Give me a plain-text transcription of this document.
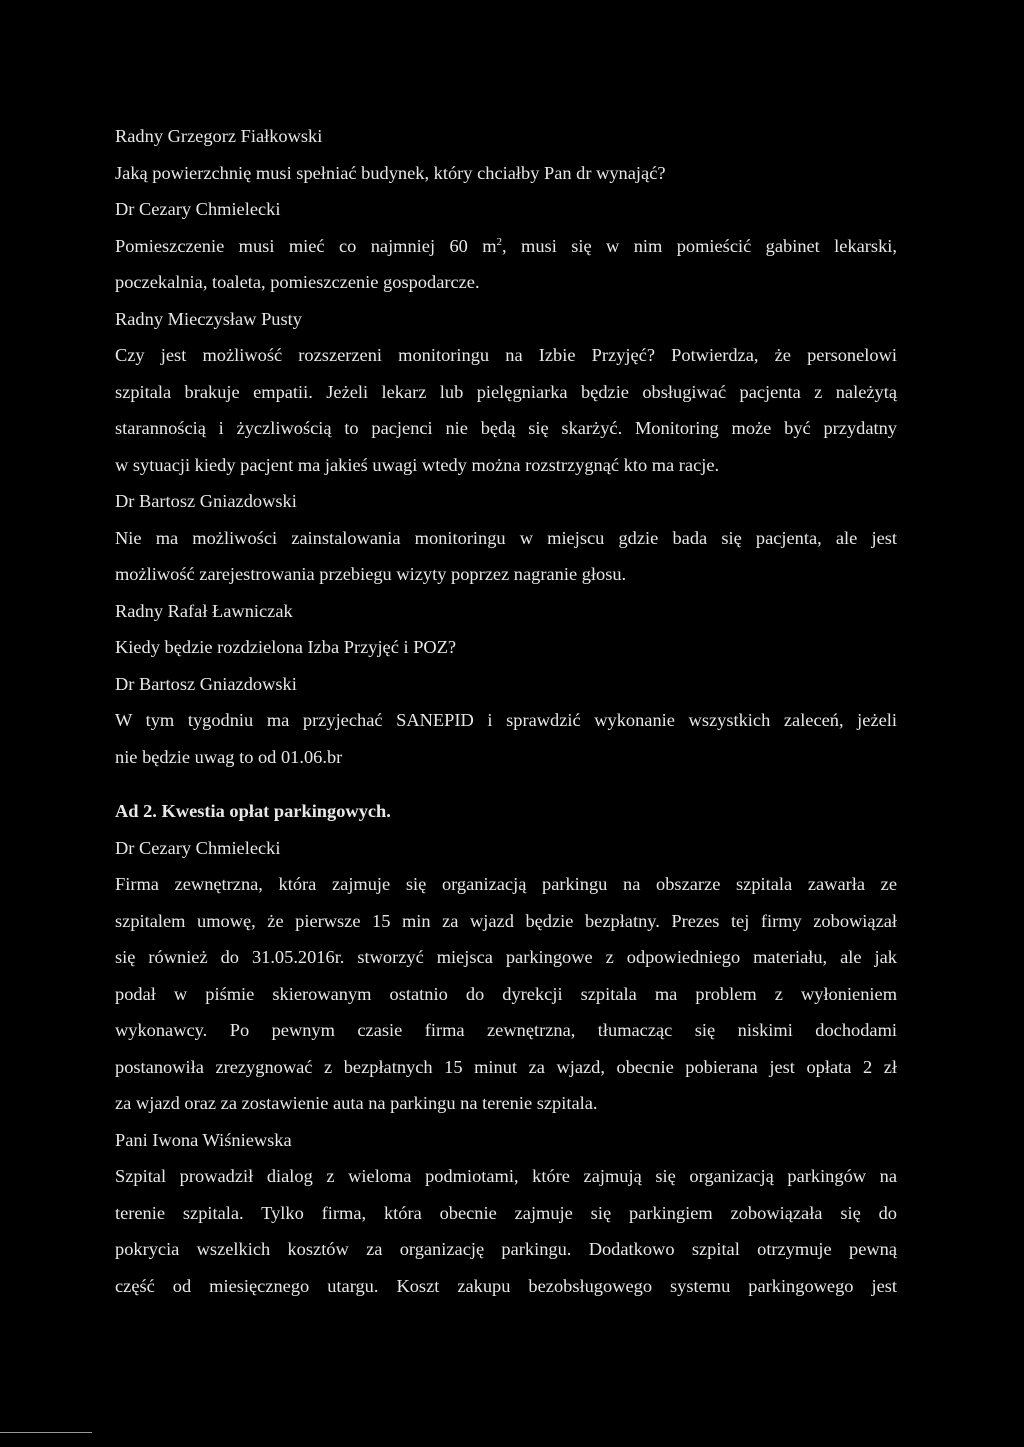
Radny Grzegorz Fiałkowski
Jaką powierzchnię musi spełniać budynek, który chciałby Pan dr wynająć?
Dr Cezary Chmielecki
Pomieszczenie musi mieć co najmniej 60 $m^2$, musi się w nim pomieścić gabinet lekarski,
poczekalnia, toaleta, pomieszczenie gospodarcze.
Radny Mieczysław Pusty
Czy jest możliwość rozszerzeni monitoringu na Izbie Przyjęć? Potwierdza, że personelowi
szpitala brakuje empatii. Jeżeli lekarz lub pielęgniarka będzie obsługiwać pacjenta z należytą
starannością i życzliwością to pacjenci nie będą się skarżyć. Monitoring może być przydatny
w sytuacji kiedy pacjent ma jakieś uwagi wtedy można rozstrzygnąć kto ma racje.
Dr Bartosz Gniazdowski
Nie ma możliwości zainstalowania monitoringu w miejscu gdzie bada się pacjenta, ale jest
możliwość zarejestrowania przebiegu wizyty poprzez nagranie głosu.
Radny Rafał Ławniczak
Kiedy będzie rozdzielona Izba Przyjęć i POZ?
Dr Bartosz Gniazdowski
W tym tygodniu ma przyjechać SANEPID i sprawdzić wykonanie wszystkich zaleceń, jeżeli
nie będzie uwag to od 01.06.br
Ad 2. Kwestia opłat parkingowych.
Dr Cezary Chmielecki
Firma zewnętrzna, która zajmuje się organizacją parkingu na obszarze szpitala zawarła ze
szpitalem umowę, że pierwsze 15 min za wjazd będzie bezpłatny. Prezes tej firmy zobowiązał
się również do 31.05.2016r. stworzyć miejsca parkingowe z odpowiedniego materiału, ale jak
podał w piśmie skierowanym ostatnio do dyrekcji szpitala ma problem z wyłonieniem
wykonawcy. Po pewnym czasie firma zewnętrzna, tłumacząc się niskimi dochodami
postanowiła zrezygnować z bezpłatnych 15 minut za wjazd, obecnie pobierana jest opłata 2 zł
za wjazd oraz za zostawienie auta na parkingu na terenie szpitala.
Pani Iwona Wiśniewska
Szpital prowadził dialog z wieloma podmiotami, które zajmują się organizacją parkingów na
terenie szpitala. Tylko firma, która obecnie zajmuje się parkingiem zobowiązała się do
pokrycia wszelkich kosztów za organizację parkingu. Dodatkowo szpital otrzymuje pewną
część od miesięcznego utargu. Koszt zakupu bezobsługowego systemu parkingowego jest
